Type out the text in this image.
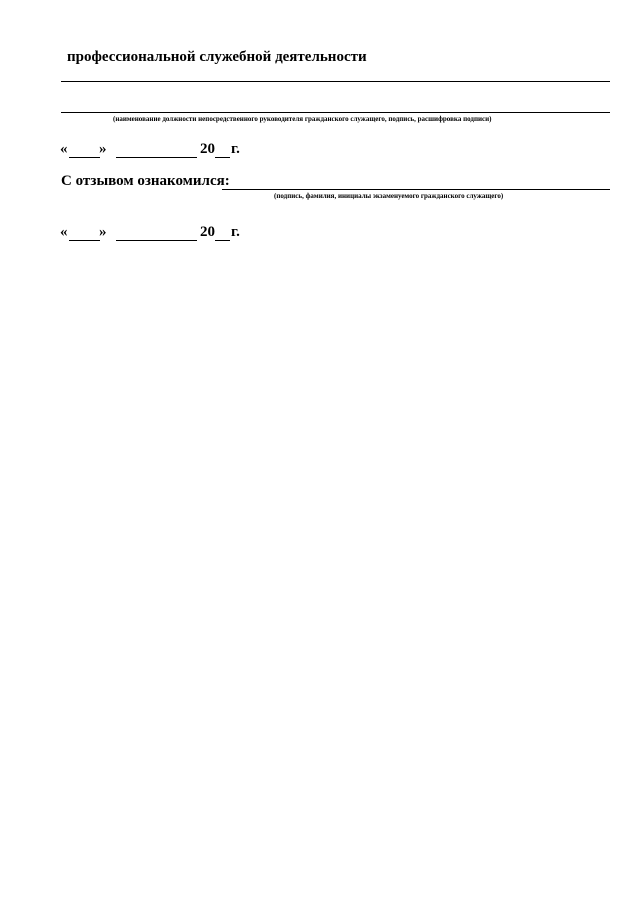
профессиональной служебной деятельности
(наименование должности непосредственного руководителя гражданского служащего, подпись, расшифровка подписи)
« »	20 г.
С отзывом ознакомился:
(подпись, фамилия, инициалы экзаменуемого гражданского служащего)
« »	20 г.
